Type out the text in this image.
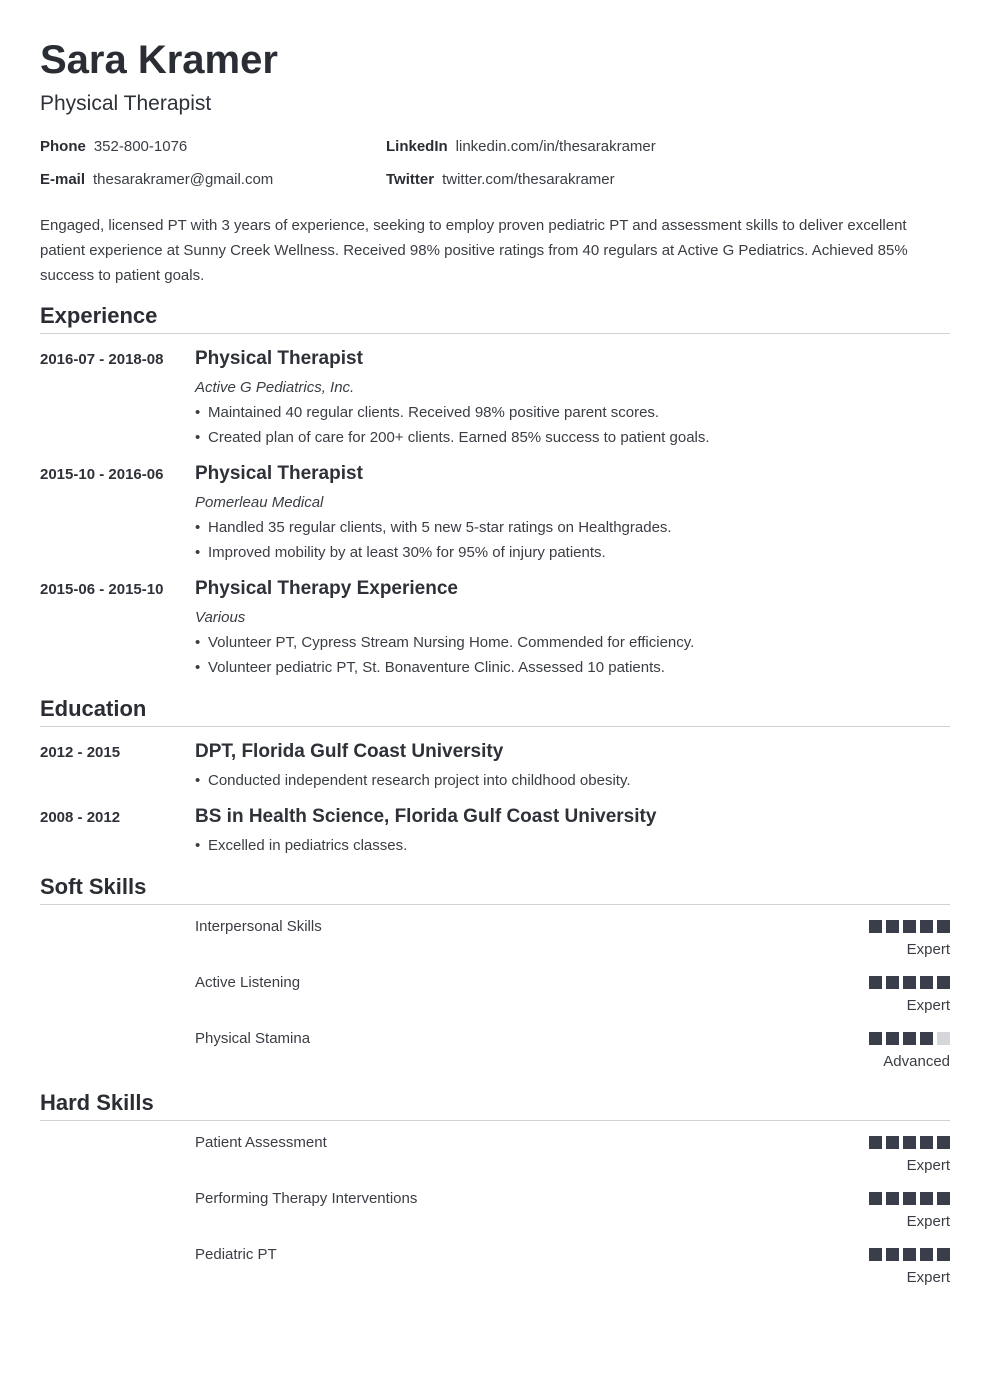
Sara Kramer
Physical Therapist
Phone 352-800-1076	LinkedIn linkedin.com/in/thesarakramer
E-mail thesarakramer@gmail.com	Twitter twitter.com/thesarakramer
Engaged, licensed PT with 3 years of experience, seeking to employ proven pediatric PT and assessment skills to deliver excellent patient experience at Sunny Creek Wellness. Received 98% positive ratings from 40 regulars at Active G Pediatrics. Achieved 85% success to patient goals.
Experience
2016-07 - 2018-08 Physical Therapist
Active G Pediatrics, Inc.
• Maintained 40 regular clients. Received 98% positive parent scores.
• Created plan of care for 200+ clients. Earned 85% success to patient goals.
2015-10 - 2016-06 Physical Therapist
Pomerleau Medical
• Handled 35 regular clients, with 5 new 5-star ratings on Healthgrades.
• Improved mobility by at least 30% for 95% of injury patients.
2015-06 - 2015-10 Physical Therapy Experience
Various
• Volunteer PT, Cypress Stream Nursing Home. Commended for efficiency.
• Volunteer pediatric PT, St. Bonaventure Clinic. Assessed 10 patients.
Education
2012 - 2015	DPT, Florida Gulf Coast University
• Conducted independent research project into childhood obesity.
2008 - 2012	BS in Health Science, Florida Gulf Coast University
• Excelled in pediatrics classes.
Soft Skills
Interpersonal Skills
Expert
Active Listening
Expert
Physical Stamina
Advanced
Hard Skills
Patient Assessment
Expert
Performing Therapy Interventions
Expert
Pediatric PT
Expert
